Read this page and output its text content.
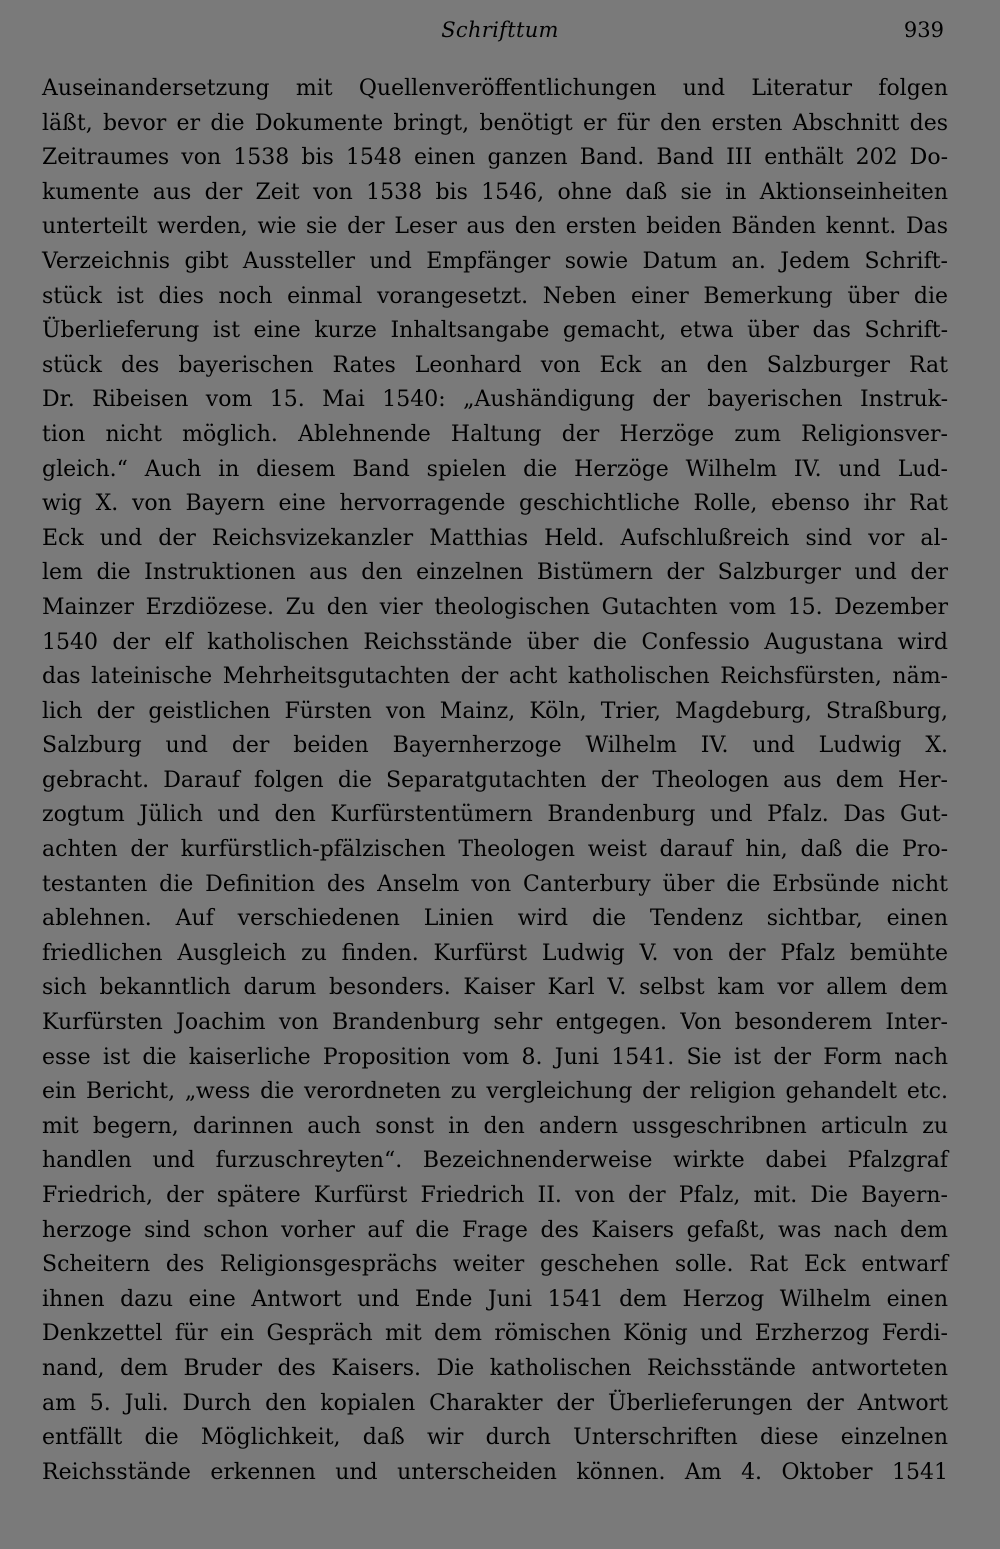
Schrifttum	939
Auseinandersetzung mit Quellenveröffentlichungen und Literatur folgen
läßt, bevor er die Dokumente bringt, benötigt er für den ersten Abschnitt des
Zeitraumes von 1538 bis 1548 einen ganzen Band. Band III enthält 202 Do-
kumente aus der Zeit von 1538 bis 1546, ohne daß sie in Aktionseinheiten
unterteilt werden, wie sie der Leser aus den ersten beiden Bänden kennt. Das
Verzeichnis gibt Aussteller und Empfänger sowie Datum an. Jedem Schrift-
stück ist dies noch einmal vorangesetzt. Neben einer Bemerkung über die
Überlieferung ist eine kurze Inhaltsangabe gemacht, etwa über das Schrift-
stück des bayerischen Rates Leonhard von Eck an den Salzburger Rat
Dr. Ribeisen vom 15. Mai 1540: „Aushändigung der bayerischen Instruk-
tion nicht möglich. Ablehnende Haltung der Herzöge zum Religionsver-
gleich.“ Auch in diesem Band spielen die Herzöge Wilhelm IV. und Lud-
wig X. von Bayern eine hervorragende geschichtliche Rolle, ebenso ihr Rat
Eck und der Reichsvizekanzler Matthias Held. Aufschlußreich sind vor al-
lem die Instruktionen aus den einzelnen Bistümern der Salzburger und der
Mainzer Erzdiözese. Zu den vier theologischen Gutachten vom 15. Dezember
1540 der elf katholischen Reichsstände über die Confessio Augustana wird
das lateinische Mehrheitsgutachten der acht katholischen Reichsfürsten, näm-
lich der geistlichen Fürsten von Mainz, Köln, Trier, Magdeburg, Straßburg,
Salzburg und der beiden Bayernherzoge Wilhelm IV. und Ludwig X.
gebracht. Darauf folgen die Separatgutachten der Theologen aus dem Her-
zogtum Jülich und den Kurfürstentümern Brandenburg und Pfalz. Das Gut-
achten der kurfürstlich-pfälzischen Theologen weist darauf hin, daß die Pro-
testanten die Definition des Anselm von Canterbury über die Erbsünde nicht
ablehnen. Auf verschiedenen Linien wird die Tendenz sichtbar, einen
friedlichen Ausgleich zu finden. Kurfürst Ludwig V. von der Pfalz bemühte
sich bekanntlich darum besonders. Kaiser Karl V. selbst kam vor allem dem
Kurfürsten Joachim von Brandenburg sehr entgegen. Von besonderem Inter-
esse ist die kaiserliche Proposition vom 8. Juni 1541. Sie ist der Form nach
ein Bericht, „wess die verordneten zu vergleichung der religion gehandelt etc.
mit begern, darinnen auch sonst in den andern ussgeschribnen articuln zu
handlen und furzuschreyten“. Bezeichnenderweise wirkte dabei Pfalzgraf
Friedrich, der spätere Kurfürst Friedrich II. von der Pfalz, mit. Die Bayern-
herzoge sind schon vorher auf die Frage des Kaisers gefaßt, was nach dem
Scheitern des Religionsgesprächs weiter geschehen solle. Rat Eck entwarf
ihnen dazu eine Antwort und Ende Juni 1541 dem Herzog Wilhelm einen
Denkzettel für ein Gespräch mit dem römischen König und Erzherzog Ferdi-
nand, dem Bruder des Kaisers. Die katholischen Reichsstände antworteten
am 5. Juli. Durch den kopialen Charakter der Überlieferungen der Antwort
entfällt die Möglichkeit, daß wir durch Unterschriften diese einzelnen
Reichsstände erkennen und unterscheiden können. Am 4. Oktober 1541
